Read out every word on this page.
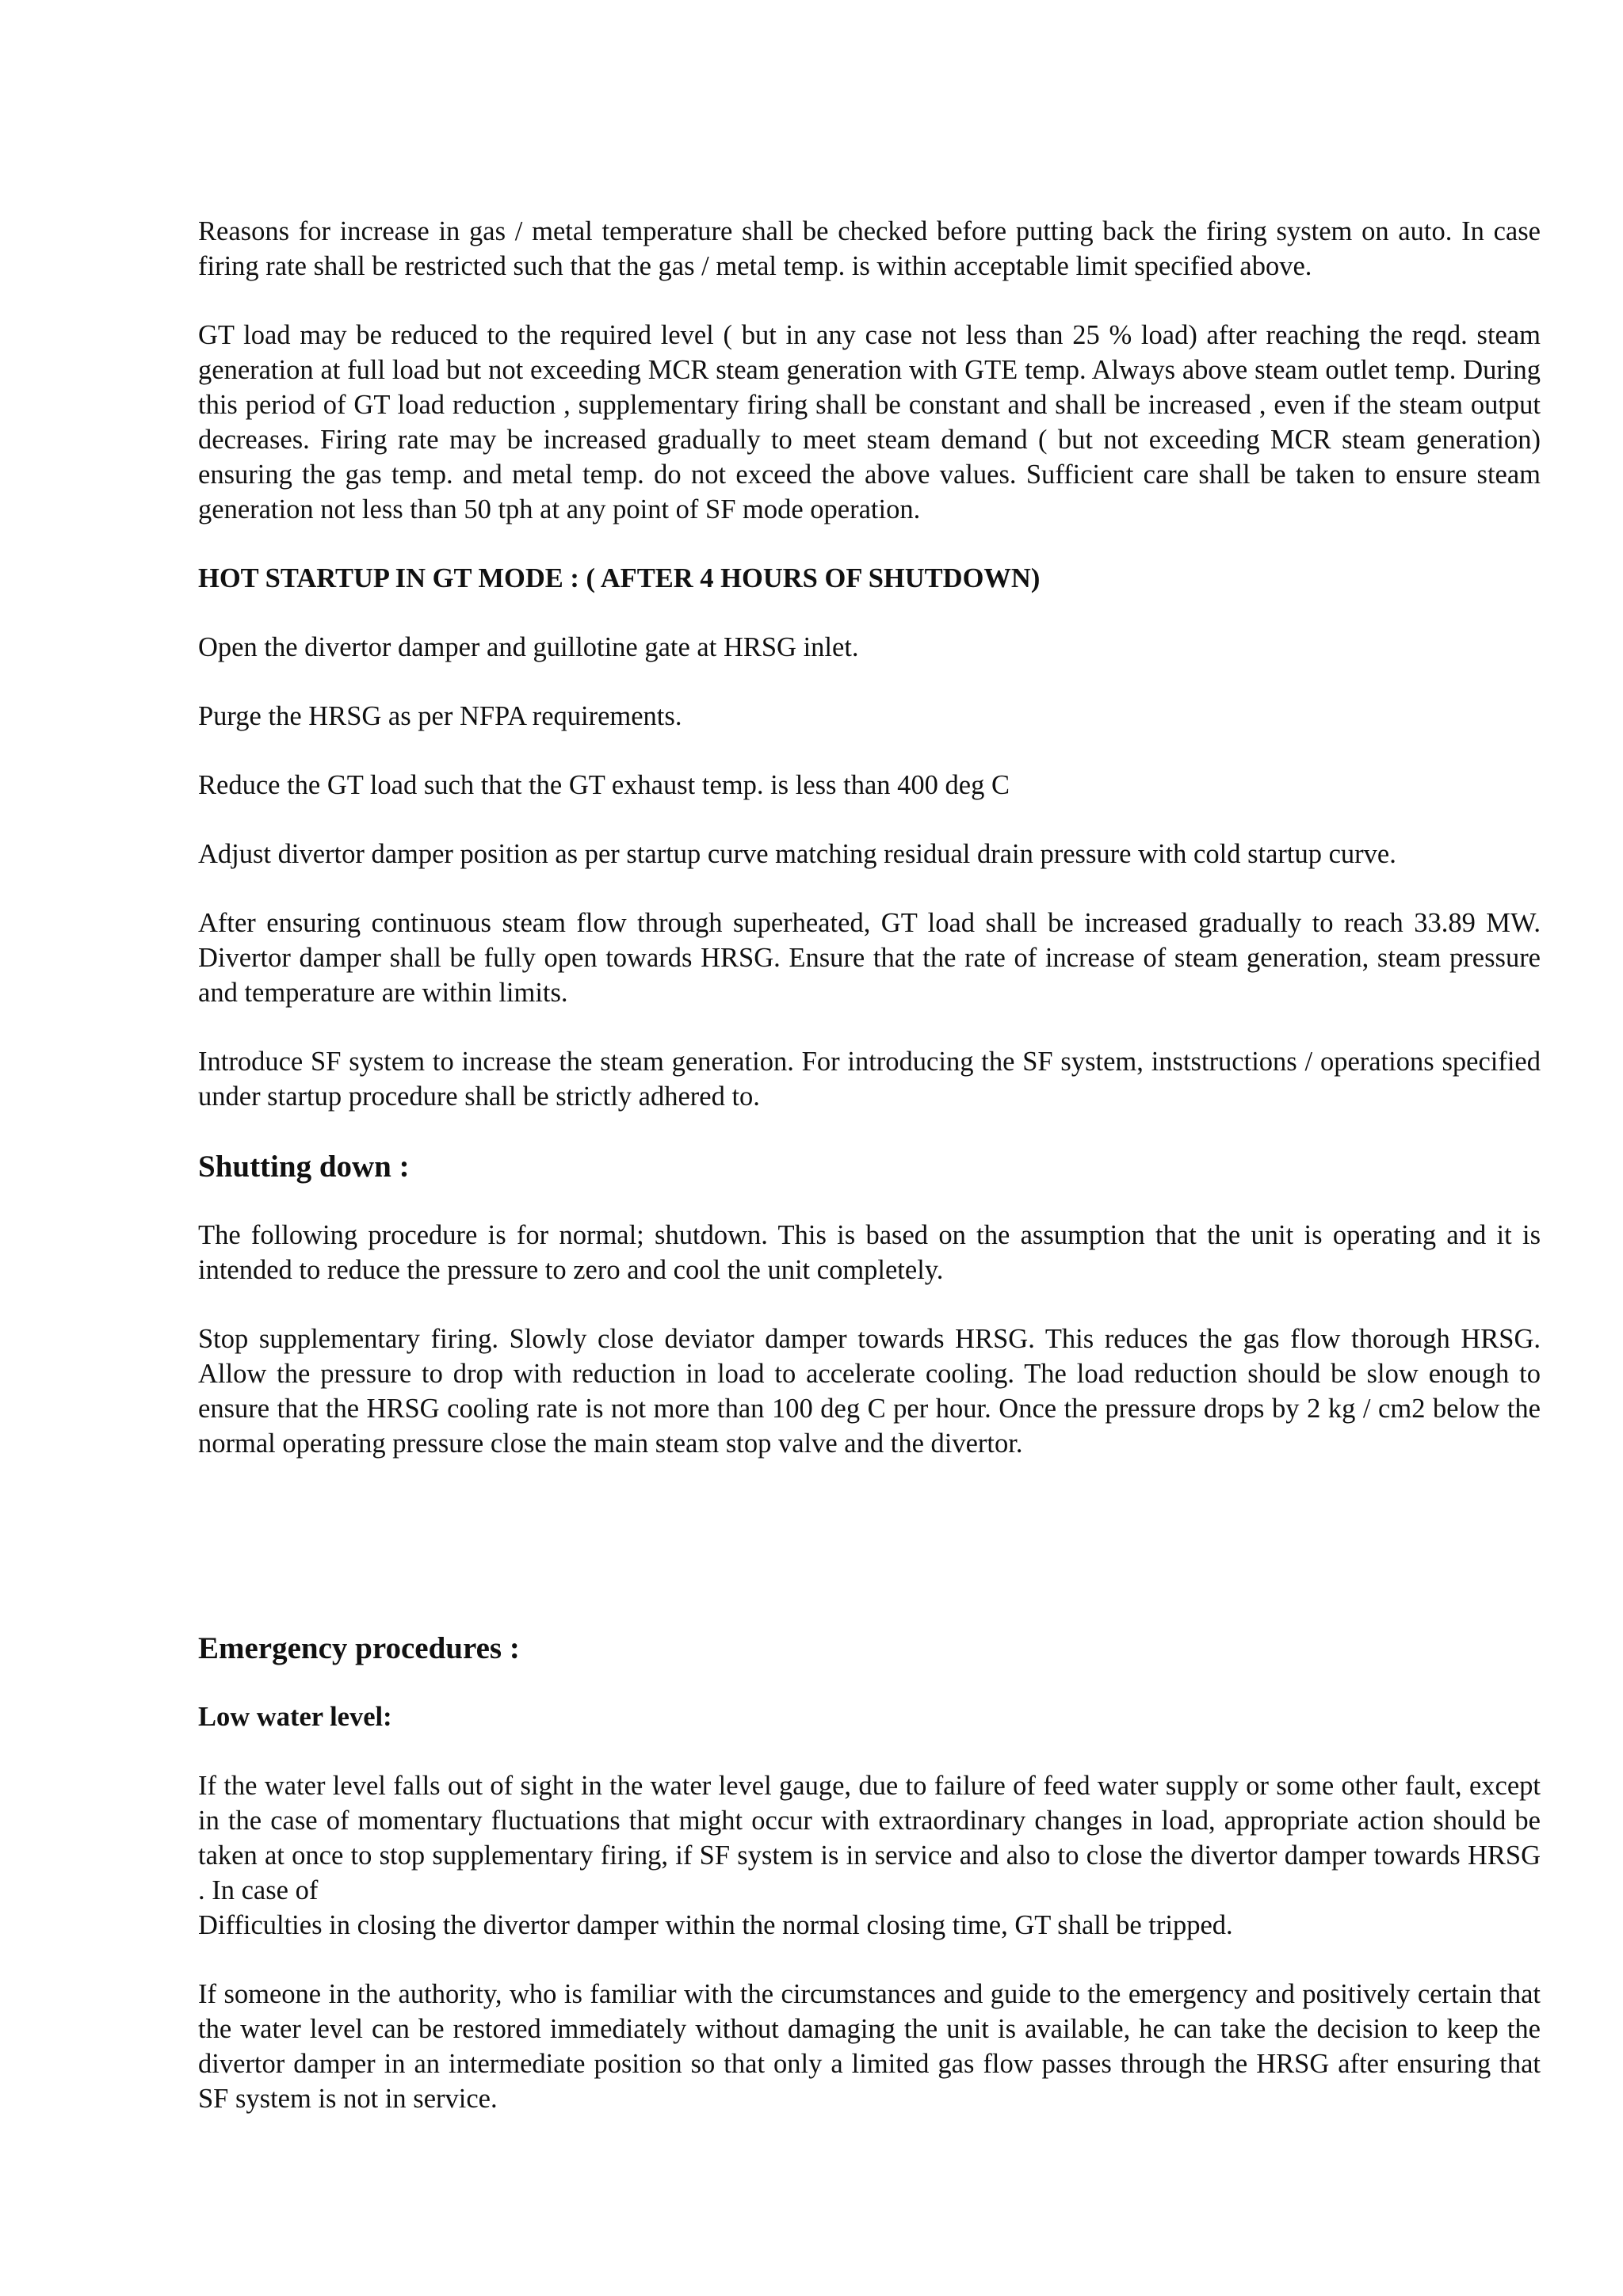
Reasons for increase in gas / metal temperature shall be checked before putting back the firing system on auto. In case firing rate shall be restricted such that the gas / metal temp. is within acceptable limit specified above.

GT load may be reduced to the required level ( but in any case not less than 25 % load) after reaching the reqd. steam generation at full load but not exceeding MCR steam generation with GTE temp. Always above steam outlet temp. During this period of GT load reduction , supplementary firing shall be constant and shall be increased , even if the steam output decreases. Firing rate may be increased gradually to meet steam demand ( but not exceeding MCR steam generation) ensuring the gas temp. and metal temp. do not exceed the above values. Sufficient care shall be taken to ensure steam generation not less than 50 tph at any point of SF mode operation.

HOT STARTUP IN GT MODE : ( AFTER 4 HOURS OF SHUTDOWN)

Open the divertor damper and guillotine gate at HRSG inlet.

Purge the HRSG as per NFPA requirements.

Reduce the GT load such that the GT exhaust temp. is less than 400 deg C

Adjust divertor damper position as per startup curve matching residual drain pressure with cold startup curve.

After ensuring continuous steam flow through superheated, GT load shall be increased gradually to reach 33.89 MW. Divertor damper shall be fully open towards HRSG. Ensure that the rate of increase of steam generation, steam pressure and temperature are within limits.

Introduce SF system to increase the steam generation. For introducing the SF system, inststructions / operations specified under startup procedure shall be strictly adhered to.

Shutting down :

The following procedure is for normal; shutdown. This is based on the assumption that the unit is operating and it is intended to reduce the pressure to zero and cool the unit completely.

Stop supplementary firing. Slowly close deviator damper towards HRSG. This reduces the gas flow thorough HRSG. Allow the pressure to drop with reduction in load to accelerate cooling. The load reduction should be slow enough to ensure that the HRSG cooling rate is not more than 100 deg C per hour. Once the pressure drops by 2 kg / cm2 below the normal operating pressure close the main steam stop valve and the divertor.

Emergency procedures :
Low water level:

If the water level falls out of sight in the water level gauge, due to failure of feed water supply or some other fault, except in the case of momentary fluctuations that might occur with extraordinary changes in load, appropriate action should be taken at once to stop supplementary firing, if SF system is in service and also to close the divertor damper towards HRSG . In case of

Difficulties in closing the divertor damper within the normal closing time, GT shall be tripped.

If someone in the authority, who is familiar with the circumstances and guide to the emergency and positively certain that the water level can be restored immediately without damaging the unit is available, he can take the decision to keep the divertor damper in an intermediate position so that only a limited gas flow passes through the HRSG after ensuring that SF system is not in service.
